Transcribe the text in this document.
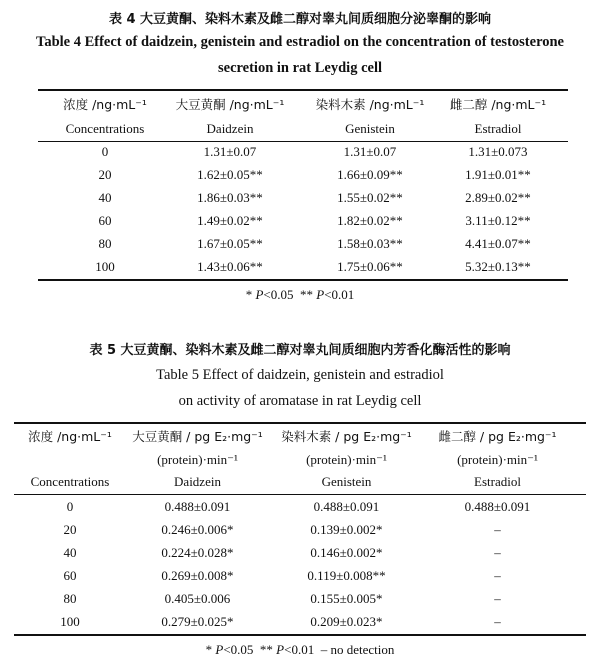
表 4 大豆黄酮、染料木素及雌二醇对睾丸间质细胞分泌睾酮的影响
Table 4 Effect of daidzein, genistein and estradiol on the concentration of testosterone
secretion in rat Leydig cell
浓度 /ng·mL⁻¹	大豆黄酮 /ng·mL⁻¹	染料木素 /ng·mL⁻¹	雌二醇 /ng·mL⁻¹
Concentrations	Daidzein	Genistein	Estradiol
0	1.31±0.07	1.31±0.07	1.31±0.073
20	1.62±0.05**	1.66±0.09**	1.91±0.01**
40	1.86±0.03**	1.55±0.02**	2.89±0.02**
60	1.49±0.02**	1.82±0.02**	3.11±0.12**
80	1.67±0.05**	1.58±0.03**	4.41±0.07**
100	1.43±0.06**	1.75±0.06**	5.32±0.13**
* P<0.05  ** P<0.01
表 5 大豆黄酮、染料木素及雌二醇对睾丸间质细胞内芳香化酶活性的影响
Table 5 Effect of daidzein, genistein and estradiol
on activity of aromatase in rat Leydig cell
浓度 /ng·mL⁻¹	大豆黄酮 / pg E₂·mg⁻¹	染料木素 / pg E₂·mg⁻¹	雌二醇 / pg E₂·mg⁻¹
(protein)·min⁻¹	(protein)·min⁻¹	(protein)·min⁻¹
Concentrations	Daidzein	Genistein	Estradiol
0	0.488±0.091	0.488±0.091	0.488±0.091
20	0.246±0.006*	0.139±0.002*	–
40	0.224±0.028*	0.146±0.002*	–
60	0.269±0.008*	0.119±0.008**	–
80	0.405±0.006	0.155±0.005*	–
100	0.279±0.025*	0.209±0.023*	–
* P<0.05  ** P<0.01  – no detection
